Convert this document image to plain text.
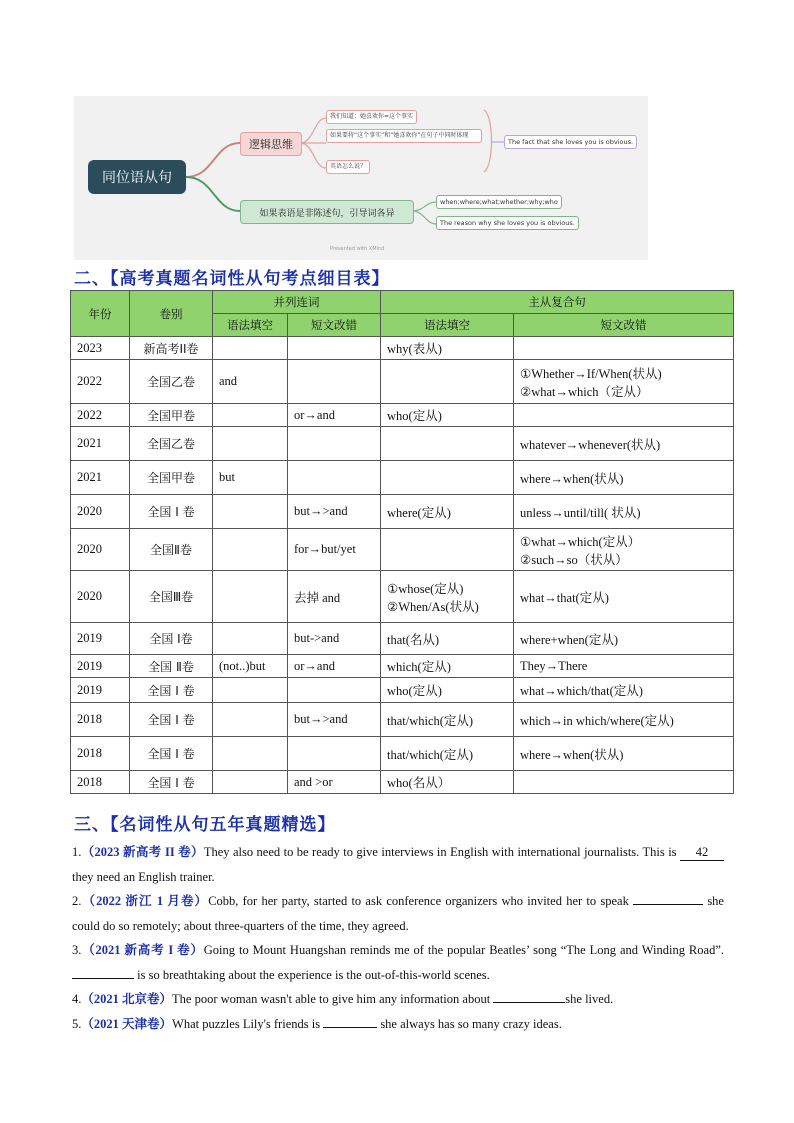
同位语从句
逻辑思维
我们知道：她喜欢你=这个事实
如果要将“这个事实”和“她喜欢你”在句子中同时体现
英语怎么说？
The fact that she loves you is obvious.
如果表语是非陈述句，引导词各异
when;where;what;whether;why;who
The reason why she loves you is obvious.
Presented with XMind
二、【高考真题名词性从句考点细目表】
年份	卷别	并列连词		主从复合句	
		语法填空	短文改错	语法填空	短文改错

2023	新高考II卷			why(表从)	

2022	全国乙卷	and			①Whether→If/When(状从)
②what→which（定从）

2022	全国甲卷		or→and	who(定从)	

2021	全国乙卷				whatever→whenever(状从)

2021	全国甲卷	but			where→when(状从)

2020	全国 I 卷		but→>and	where(定从)	unless→until/till( 状从)

2020	全国Ⅱ卷		for→but/yet		①what→which(定从）
②such→so（状从）

2020	全国Ⅲ卷		去掉 and	①whose(定从)
②When/As(状从)	what→that(定从)

2019	全国 I卷		but->and	that(名从)	where+when(定从)

2019	全国 Ⅱ卷	(not..)but	or→and	which(定从)	They→There

2019	全国 I 卷			who(定从)	what→which/that(定从)

2018	全国 I 卷		but→>and	that/which(定从)	which→in which/where(定从)

2018	全国 I 卷			that/which(定从)	where→when(状从)

2018	全国 I 卷		and >or	who(名从）	

三、【名词性从句五年真题精选】
1.（2023 新高考 II 卷）They also need to be ready to give interviews in English with international journalists. This is 42 they need an English trainer.
2.（2022 浙江 1 月卷）Cobb, for her party, started to ask conference organizers who invited her to speak	she could do so remotely; about three-quarters of the time, they agreed.
3.（2021 新高考 I 卷）Going to Mount Huangshan reminds me of the popular Beatles’ song “The Long and Winding Road”.  is so breathtaking about the experience is the out-of-this-world scenes.
4.（2021 北京卷）The poor woman wasn't able to give him any information about	she lived.
5.（2021 天津卷）What puzzles Lily's friends is	she always has so many crazy ideas.
